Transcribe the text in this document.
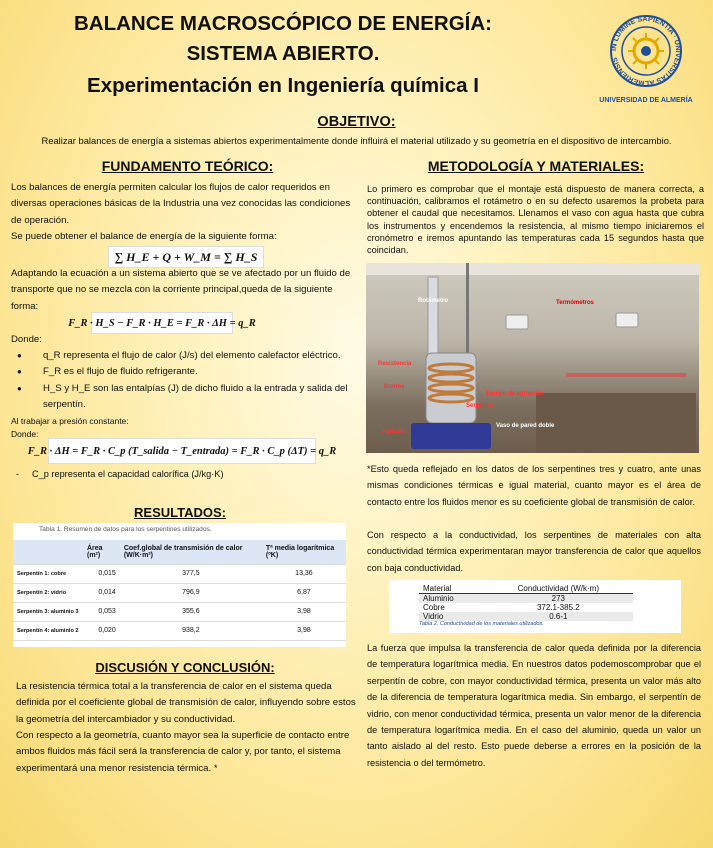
BALANCE MACROSCÓPICO DE ENERGÍA:
SISTEMA ABIERTO.
Experimentación en Ingeniería química I
IN LUMINE SAPIENTIA · UNIVERSITAS ALMERIENSIS
UNIVERSIDAD DE ALMERÍA
OBJETIVO:
Realizar balances de energía a sistemas abiertos experimentalmente donde influirá el material utilizado y su geometría en el dispositivo de intercambio.
FUNDAMENTO TEÓRICO:
Los balances de energía permiten calcular los flujos de calor requeridos en diversas operaciones básicas de la Industria una vez conocidas las condiciones de operación.
Se puede obtener el balance de energía de la siguiente forma:
∑ H_E + Q + W_M = ∑ H_S
Adaptando la ecuación a un sistema abierto que se ve afectado por un fluido de transporte que no se mezcla con la corriente principal,queda de la siguiente forma:
F_R · H_S − F_R · H_E = F_R · ΔH = q_R
Donde:
●	q_R representa el flujo de calor (J/s) del elemento calefactor eléctrico.
●	F_R es el flujo de fluido refrigerante.
●	H_S y H_E son las entalpías (J) de dicho fluido a la entrada y salida del serpentín.
Al trabajar a presión constante:
Donde:
F_R · ΔH = F_R · C_p (T_salida − T_entrada) = F_R · C_p (ΔT) = q_R
-	C_p representa el capacidad calorífica (J/kg·K)
RESULTADOS:
Tabla 1. Resumen de datos para los serpentines utilizados.
	Área (m²)	Coef.global de transmisión de calor (W/K·m²)	Tª media logarítmica (ºK)
Serpentín 1: cobre	0,015	377,5	13,36
Serpentín 2: vidrio	0,014	796,9	6,87
Serpentín 3: aluminio 3	0,053	355,6	3,98
Serpentín 4: aluminio 2	0,020	938,2	3,98
DISCUSIÓN Y CONCLUSIÓN:
La resistencia térmica total a la transferencia de calor en el sistema queda definida por el coeficiente global de transmisión de calor, influyendo sobre estos la geometría del intercambiador y su conductividad.
Con respecto a la geometría, cuanto mayor sea la superficie de contacto entre ambos fluidos más fácil será la transferencia de calor y, por tanto, el sistema experimentará una menor resistencia térmica. *
METODOLOGÍA Y MATERIALES:
Lo primero es comprobar que el montaje está dispuesto de manera correcta, a continuación, calibramos el rotámetro o en su defecto usaremos la probeta para obtener el caudal que necesitamos. Llenamos el vaso con agua hasta que cubra los instrumentos y encendemos la resistencia, al mismo tiempo iniciaremos el cronómetro e iremos apuntando las temperaturas cada 15 segundos hasta que coincidan.
Rotámetro	Termómetros
Resistencia
Bomba
Equipo de agitación
Serpentín
Vaso de pared doble
Agitador
*Esto queda reflejado en los datos de los serpentines tres y cuatro, ante unas mismas condiciones térmicas e igual material, cuanto mayor es el área de contacto entre los fluidos menor es su coeficiente global de transmisión de calor.
Con respecto a la conductividad, los serpentines de materiales con alta conductividad térmica experimentaran mayor transferencia de calor que aquellos con baja conductividad.
Material	Conductividad (W/k·m)
Aluminio	273
Cobre	372.1-385.2
Vidrio	0.6-1
Tabla 2. Conductividad de los materiales utilizados.
La fuerza que impulsa la transferencia de calor queda definida por la diferencia de temperatura logarítmica media. En nuestros datos podemoscomprobar que el serpentín de cobre, con mayor conductividad térmica, presenta un valor más alto de la diferencia de temperatura logarítmica media. Sin embargo, el serpentín de vidrio, con menor conductividad térmica, presenta un valor menor de la diferencia de temperatura logarítmica media. En el caso del aluminio, queda un valor un tanto aislado al del resto. Esto puede deberse a errores en la posición de la resistencia o del termómetro.
